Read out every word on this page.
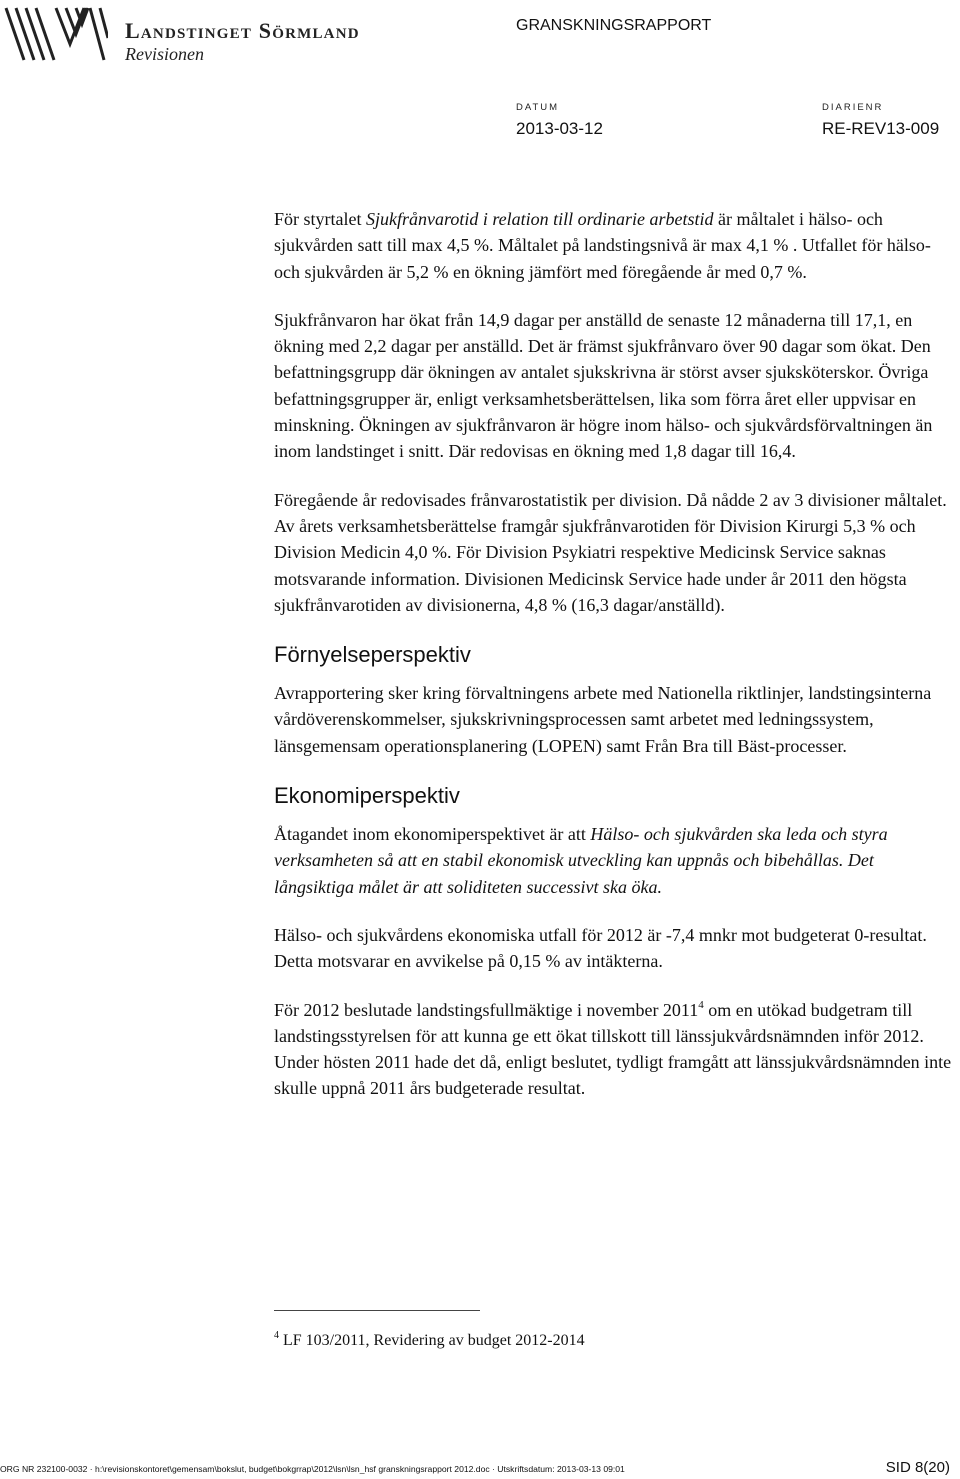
Landstinget Sörmland
Revisionen
GRANSKNINGSRAPPORT
DATUM
2013-03-12
DIARIENR
RE-REV13-009

För styrtalet Sjukfrånvarotid i relation till ordinarie arbetstid är måltalet i hälso- och sjukvården satt till max 4,5 %. Måltalet på landstingsnivå är max 4,1 % . Utfallet för hälso- och sjukvården är 5,2 % en ökning jämfört med föregående år med 0,7 %.

Sjukfrånvaron har ökat från 14,9 dagar per anställd de senaste 12 månaderna till 17,1, en ökning med 2,2 dagar per anställd. Det är främst sjukfrånvaro över 90 dagar som ökat. Den befattningsgrupp där ökningen av antalet sjukskrivna är störst avser sjuksköterskor. Övriga befattningsgrupper är, enligt verksamhetsberättelsen, lika som förra året eller uppvisar en minskning. Ökningen av sjukfrånvaron är högre inom hälso- och sjukvårdsförvaltningen än inom landstinget i snitt. Där redovisas en ökning med 1,8 dagar till 16,4.

Föregående år redovisades frånvarostatistik per division. Då nådde 2 av 3 divisioner måltalet. Av årets verksamhetsberättelse framgår sjukfrånvarotiden för Division Kirurgi 5,3 % och Division Medicin 4,0 %. För Division Psykiatri respektive Medicinsk Service saknas motsvarande information. Divisionen Medicinsk Service hade under år 2011 den högsta sjukfrånvarotiden av divisionerna, 4,8 % (16,3 dagar/anställd).

Förnyelseperspektiv

Avrapportering sker kring förvaltningens arbete med Nationella riktlinjer, landstingsinterna vårdöverenskommelser, sjukskrivningsprocessen samt arbetet med ledningssystem, länsgemensam operationsplanering (LOPEN) samt Från Bra till Bäst-processer.

Ekonomiperspektiv

Åtagandet inom ekonomiperspektivet är att Hälso- och sjukvården ska leda och styra verksamheten så att en stabil ekonomisk utveckling kan uppnås och bibehållas. Det långsiktiga målet är att soliditeten successivt ska öka.

Hälso- och sjukvårdens ekonomiska utfall för 2012 är -7,4 mnkr mot budgeterat 0-resultat. Detta motsvarar en avvikelse på 0,15 % av intäkterna.

För 2012 beslutade landstingsfullmäktige i november 2011$^4$ om en utökad budgetram till landstingsstyrelsen för att kunna ge ett ökat tillskott till länssjukvårdsnämnden inför 2012. Under hösten 2011 hade det då, enligt beslutet, tydligt framgått att länssjukvårdsnämnden inte skulle uppnå 2011 års budgeterade resultat.

$^4$ LF 103/2011, Revidering av budget 2012-2014
ORG NR 232100-0032 · h:\revisionskontoret\gemensam\bokslut, budget\bokgrrap\2012\lsn\lsn_hsf granskningsrapport 2012.doc · Utskriftsdatum: 2013-03-13 09:01	SID 8(20)
